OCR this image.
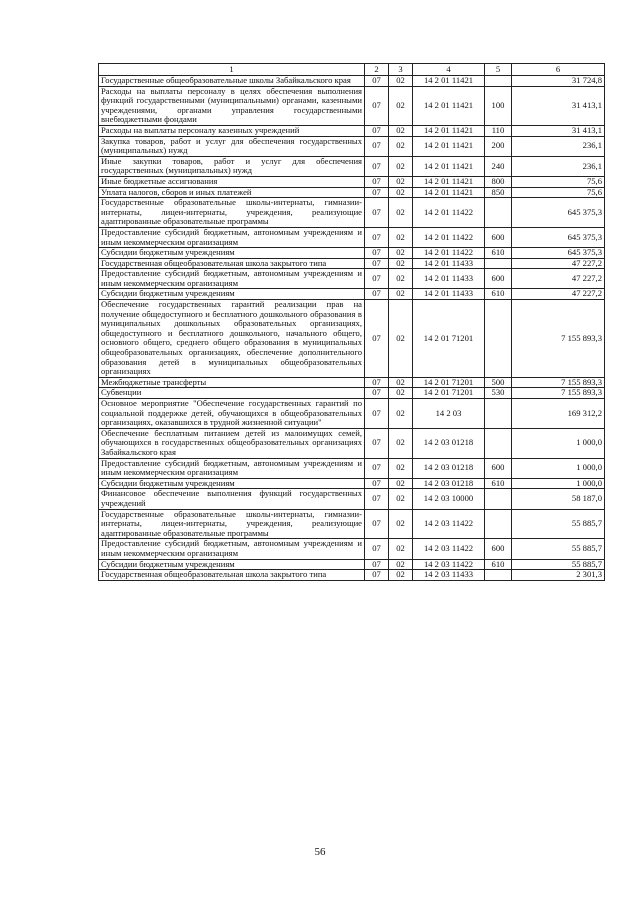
1	2	3	4	5	6
Государственные общеобразовательные школы Забайкальского края	07	02	14 2 01 11421		31 724,8
Расходы на выплаты персоналу в целях обеспечения выполнения функций государственными (муниципальными) органами, казенными учреждениями, органами управления государственными внебюджетными фондами	07	02	14 2 01 11421	100	31 413,1
Расходы на выплаты персоналу казенных учреждений	07	02	14 2 01 11421	110	31 413,1
Закупка товаров, работ и услуг для обеспечения государственных (муниципальных) нужд	07	02	14 2 01 11421	200	236,1
Иные закупки товаров, работ и услуг для обеспечения государственных (муниципальных) нужд	07	02	14 2 01 11421	240	236,1
Иные бюджетные ассигнования	07	02	14 2 01 11421	800	75,6
Уплата налогов, сборов и иных платежей	07	02	14 2 01 11421	850	75,6
Государственные образовательные школы-интернаты, гимназии-интернаты, лицеи-интернаты, учреждения, реализующие адаптированные образовательные программы	07	02	14 2 01 11422		645 375,3
Предоставление субсидий бюджетным, автономным учреждениям и иным некоммерческим организациям	07	02	14 2 01 11422	600	645 375,3
Субсидии бюджетным учреждениям	07	02	14 2 01 11422	610	645 375,3
Государственная общеобразовательная школа закрытого типа	07	02	14 2 01 11433		47 227,2
Предоставление субсидий бюджетным, автономным учреждениям и иным некоммерческим организациям	07	02	14 2 01 11433	600	47 227,2
Субсидии бюджетным учреждениям	07	02	14 2 01 11433	610	47 227,2
Обеспечение государственных гарантий реализации прав на получение общедоступного и бесплатного дошкольного образования в муниципальных дошкольных образовательных организациях, общедоступного и бесплатного дошкольного, начального общего, основного общего, среднего общего образования в муниципальных общеобразовательных организациях, обеспечение дополнительного образования детей в муниципальных общеобразовательных организациях	07	02	14 2 01 71201		7 155 893,3
Межбюджетные трансферты	07	02	14 2 01 71201	500	7 155 893,3
Субвенции	07	02	14 2 01 71201	530	7 155 893,3
Основное мероприятие "Обеспечение государственных гарантий по социальной поддержке детей, обучающихся в общеобразовательных организациях, оказавшихся в трудной жизненной ситуации"	07	02	14 2 03		169 312,2
Обеспечение бесплатным питанием детей из малоимущих семей, обучающихся в государственных общеобразовательных организациях Забайкальского края	07	02	14 2 03 01218		1 000,0
Предоставление субсидий бюджетным, автономным учреждениям и иным некоммерческим организациям	07	02	14 2 03 01218	600	1 000,0
Субсидии бюджетным учреждениям	07	02	14 2 03 01218	610	1 000,0
Финансовое обеспечение выполнения функций государственных учреждений	07	02	14 2 03 10000		58 187,0
Государственные образовательные школы-интернаты, гимназии-интернаты, лицеи-интернаты, учреждения, реализующие адаптированные образовательные программы	07	02	14 2 03 11422		55 885,7
Предоставление субсидий бюджетным, автономным учреждениям и иным некоммерческим организациям	07	02	14 2 03 11422	600	55 885,7
Субсидии бюджетным учреждениям	07	02	14 2 03 11422	610	55 885,7
Государственная общеобразовательная школа закрытого типа	07	02	14 2 03 11433		2 301,3
56
